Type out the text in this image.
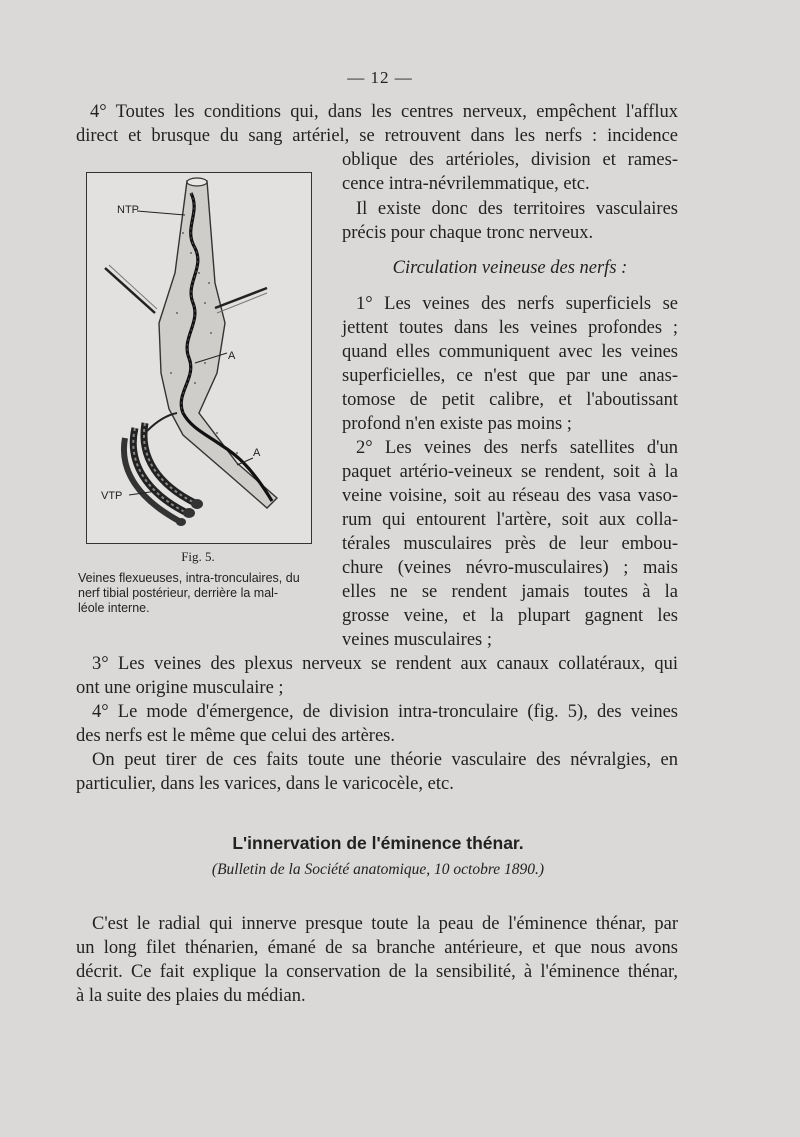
— 12 —
4° Toutes les conditions qui, dans les centres nerveux, empêchent l'afflux
direct et brusque du sang artériel, se retrouvent dans les nerfs : incidence
oblique des artérioles, division et rames-
cence intra-névrilemmatique, etc.
Il existe donc des territoires vasculaires
précis pour chaque tronc nerveux.
Circulation veineuse des nerfs :
1° Les veines des nerfs superficiels se
jettent toutes dans les veines profondes ;
quand elles communiquent avec les veines
superficielles, ce n'est que par une anas-
tomose de petit calibre, et l'aboutissant
profond n'en existe pas moins ;
2° Les veines des nerfs satellites d'un
paquet artério-veineux se rendent, soit à la
veine voisine, soit au réseau des vasa vaso-
rum qui entourent l'artère, soit aux colla-
térales musculaires près de leur embou-
chure (veines névro-musculaires) ; mais
elles ne se rendent jamais toutes à la
grosse veine, et la plupart gagnent les
veines musculaires ;
NTP
A
A
VTP
Fig. 5.
Veines flexueuses, intra-tronculaires, du
nerf tibial postérieur, derrière la mal-
léole interne.
3° Les veines des plexus nerveux se rendent aux canaux collatéraux, qui
ont une origine musculaire ;
4° Le mode d'émergence, de division intra-tronculaire (fig. 5), des veines
des nerfs est le même que celui des artères.
On peut tirer de ces faits toute une théorie vasculaire des névralgies, en
particulier, dans les varices, dans le varicocèle, etc.
L'innervation de l'éminence thénar.
(Bulletin de la Société anatomique, 10 octobre 1890.)
C'est le radial qui innerve presque toute la peau de l'éminence thénar, par
un long filet thénarien, émané de sa branche antérieure, et que nous avons
décrit. Ce fait explique la conservation de la sensibilité, à l'éminence thénar,
à la suite des plaies du médian.
